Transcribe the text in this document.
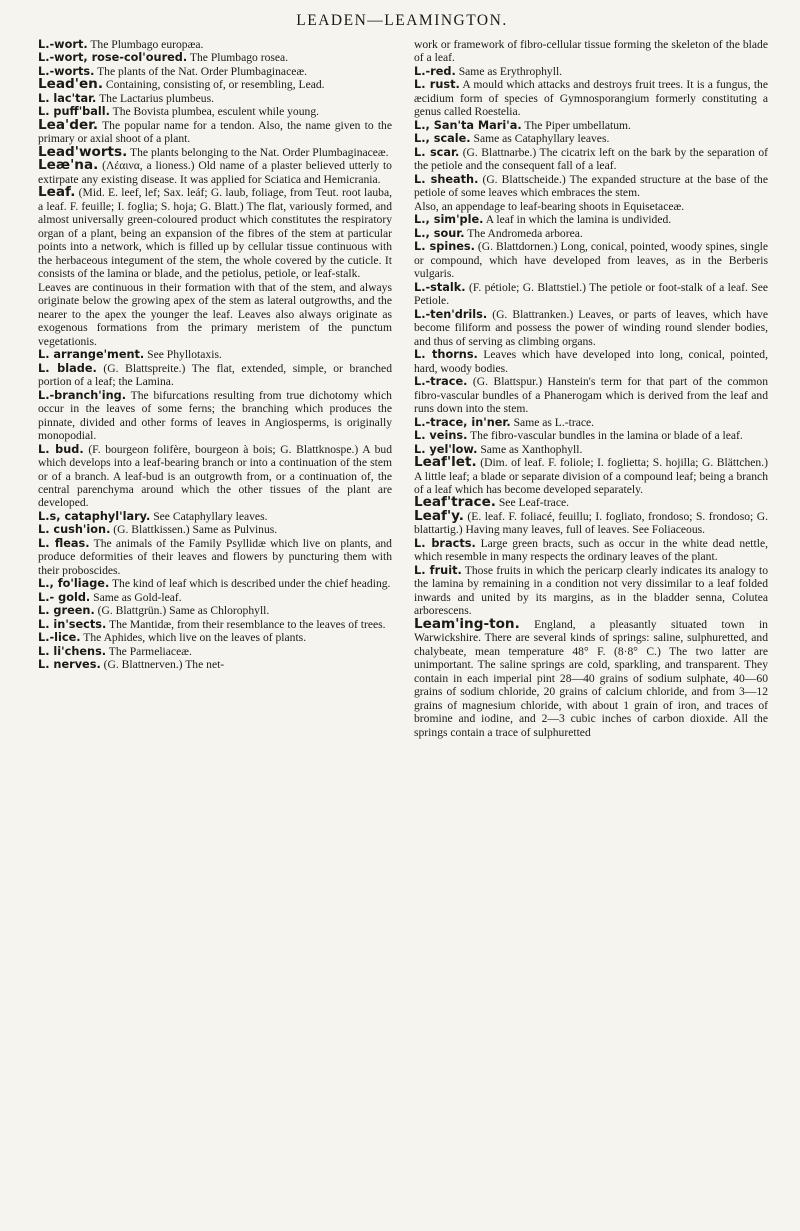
LEADEN—LEAMINGTON.

L.-wort. The Plumbago europæa.

L.-wort, rose-col'oured. The Plumbago rosea.

L.-worts. The plants of the Nat. Order Plumbaginaceæ.

Lead'en. Containing, consisting of, or resembling, Lead.

L. lac'tar. The Lactarius plumbeus.

L. puff'ball. The Bovista plumbea, esculent while young.

Lea'der. The popular name for a tendon. Also, the name given to the primary or axial shoot of a plant.

Lead'worts. The plants belonging to the Nat. Order Plumbaginaceæ.

Leæ'na. (Λέαινα, a lioness.) Old name of a plaster believed utterly to extirpate any existing disease. It was applied for Sciatica and Hemicrania.

Leaf. (Mid. E. leef, lef; Sax. leáf; G. laub, foliage, from Teut. root lauba, a leaf. F. feuille; I. foglia; S. hoja; G. Blatt.) The flat, variously formed, and almost universally green-coloured product which constitutes the respiratory organ of a plant, being an expansion of the fibres of the stem at particular points into a network, which is filled up by cellular tissue continuous with the herbaceous integument of the stem, the whole covered by the cuticle. It consists of the lamina or blade, and the petiolus, petiole, or leaf-stalk.

Leaves are continuous in their formation with that of the stem, and always originate below the growing apex of the stem as lateral outgrowths, and the nearer to the apex the younger the leaf. Leaves also always originate as exogenous formations from the primary meristem of the punctum vegetationis.

L. arrange'ment. See Phyllotaxis.

L. blade. (G. Blattspreite.) The flat, extended, simple, or branched portion of a leaf; the Lamina.

L.-branch'ing. The bifurcations resulting from true dichotomy which occur in the leaves of some ferns; the branching which produces the pinnate, divided and other forms of leaves in Angiosperms, is originally monopodial.

L. bud. (F. bourgeon folifère, bourgeon à bois; G. Blattknospe.) A bud which develops into a leaf-bearing branch or into a continuation of the stem or of a branch. A leaf-bud is an outgrowth from, or a continuation of, the central parenchyma around which the other tissues of the plant are developed.

L.s, cataphyl'lary. See Cataphyllary leaves.

L. cush'ion. (G. Blattkissen.) Same as Pulvinus.

L. fleas. The animals of the Family Psyllidæ which live on plants, and produce deformities of their leaves and flowers by puncturing them with their proboscides.

L., fo'liage. The kind of leaf which is described under the chief heading.

L.- gold. Same as Gold-leaf.

L. green. (G. Blattgrün.) Same as Chlorophyll.

L. in'sects. The Mantidæ, from their resemblance to the leaves of trees.

L.-lice. The Aphides, which live on the leaves of plants.

L. li'chens. The Parmeliaceæ.

L. nerves. (G. Blattnerven.) The net-

work or framework of fibro-cellular tissue forming the skeleton of the blade of a leaf.

L.-red. Same as Erythrophyll.

L. rust. A mould which attacks and destroys fruit trees. It is a fungus, the æcidium form of species of Gymnosporangium formerly constituting a genus called Roestelia.

L., San'ta Mari'a. The Piper umbellatum.

L., scale. Same as Cataphyllary leaves.

L. scar. (G. Blattnarbe.) The cicatrix left on the bark by the separation of the petiole and the consequent fall of a leaf.

L. sheath. (G. Blattscheide.) The expanded structure at the base of the petiole of some leaves which embraces the stem.

Also, an appendage to leaf-bearing shoots in Equisetaceæ.

L., sim'ple. A leaf in which the lamina is undivided.

L., sour. The Andromeda arborea.

L. spines. (G. Blattdornen.) Long, conical, pointed, woody spines, single or compound, which have developed from leaves, as in the Berberis vulgaris.

L.-stalk. (F. pétiole; G. Blattstiel.) The petiole or foot-stalk of a leaf. See Petiole.

L.-ten'drils. (G. Blattranken.) Leaves, or parts of leaves, which have become filiform and possess the power of winding round slender bodies, and thus of serving as climbing organs.

L. thorns. Leaves which have developed into long, conical, pointed, hard, woody bodies.

L.-trace. (G. Blattspur.) Hanstein's term for that part of the common fibro-vascular bundles of a Phanerogam which is derived from the leaf and runs down into the stem.

L.-trace, in'ner. Same as L.-trace.

L. veins. The fibro-vascular bundles in the lamina or blade of a leaf.

L. yel'low. Same as Xanthophyll.

Leaf'let. (Dim. of leaf. F. foliole; I. foglietta; S. hojilla; G. Blättchen.) A little leaf; a blade or separate division of a compound leaf; being a branch of a leaf which has become developed separately.

Leaf'trace. See Leaf-trace.

Leaf'y. (E. leaf. F. foliacé, feuillu; I. fogliato, frondoso; S. frondoso; G. blattartig.) Having many leaves, full of leaves. See Foliaceous.

L. bracts. Large green bracts, such as occur in the white dead nettle, which resemble in many respects the ordinary leaves of the plant.

L. fruit. Those fruits in which the pericarp clearly indicates its analogy to the lamina by remaining in a condition not very dissimilar to a leaf folded inwards and united by its margins, as in the bladder senna, Colutea arborescens.

Leam'ing-ton. England, a pleasantly situated town in Warwickshire. There are several kinds of springs: saline, sulphuretted, and chalybeate, mean temperature 48° F. (8·8° C.) The two latter are unimportant. The saline springs are cold, sparkling, and transparent. They contain in each imperial pint 28—40 grains of sodium sulphate, 40—60 grains of sodium chloride, 20 grains of calcium chloride, and from 3—12 grains of magnesium chloride, with about 1 grain of iron, and traces of bromine and iodine, and 2—3 cubic inches of carbon dioxide. All the springs contain a trace of sulphuretted
